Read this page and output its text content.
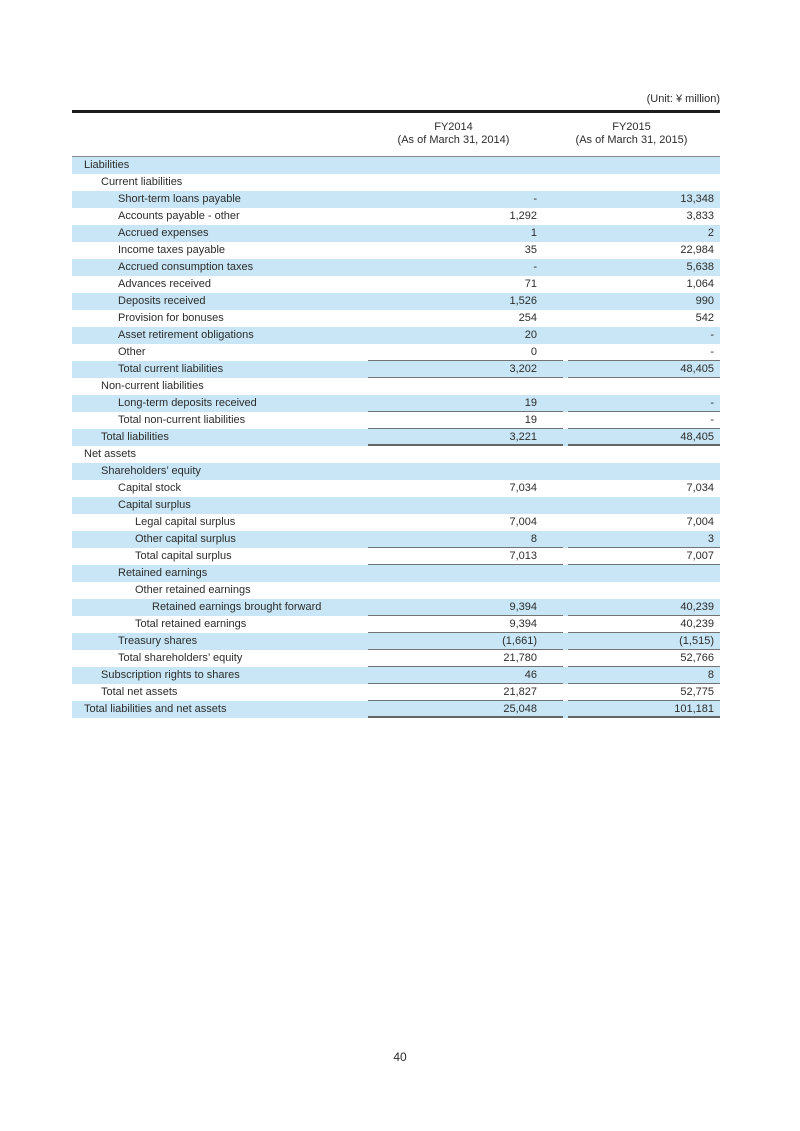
(Unit: ¥ million)
FY2014
(As of March 31, 2014)
FY2015
(As of March 31, 2015)
Liabilities
Current liabilities
Short-term loans payable	-	13,348
Accounts payable - other	1,292	3,833
Accrued expenses	1	2
Income taxes payable	35	22,984
Accrued consumption taxes	-	5,638
Advances received	71	1,064
Deposits received	1,526	990
Provision for bonuses	254	542
Asset retirement obligations	20	-
Other	0	-
Total current liabilities	3,202	48,405
Non-current liabilities
Long-term deposits received	19	-
Total non-current liabilities	19	-
Total liabilities	3,221	48,405
Net assets
Shareholders’ equity
Capital stock	7,034	7,034
Capital surplus
Legal capital surplus	7,004	7,004
Other capital surplus	8	3
Total capital surplus	7,013	7,007
Retained earnings
Other retained earnings
Retained earnings brought forward	9,394	40,239
Total retained earnings	9,394	40,239
Treasury shares	(1,661)	(1,515)
Total shareholders’ equity	21,780	52,766
Subscription rights to shares	46	8
Total net assets	21,827	52,775
Total liabilities and net assets	25,048	101,181
40
